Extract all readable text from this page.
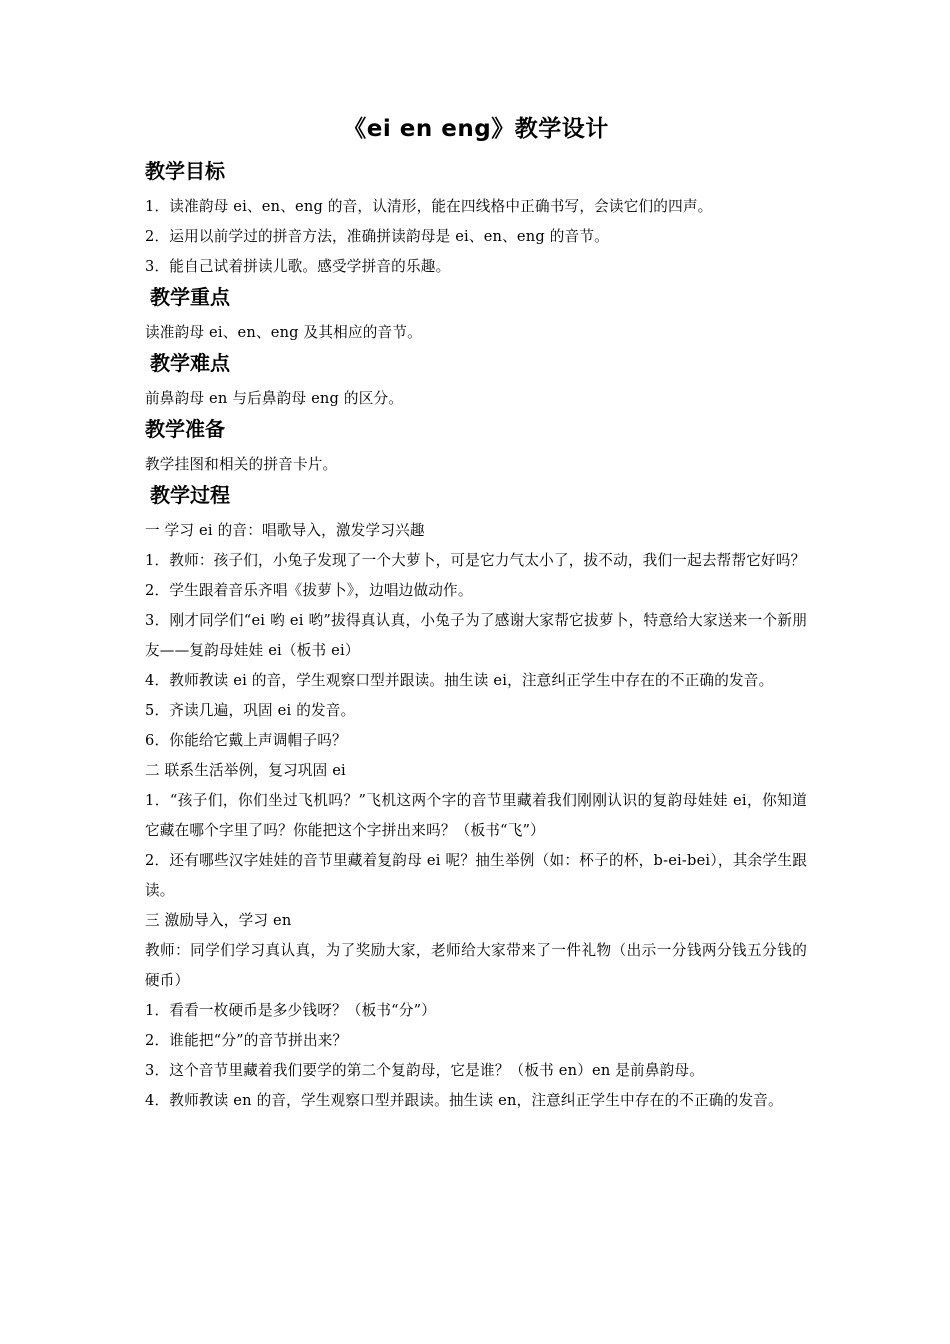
《ei en eng》教学设计
教学目标

1．读准韵母 ei、en、eng 的音，认清形，能在四线格中正确书写，会读它们的四声。

2．运用以前学过的拼音方法，准确拼读韵母是 ei、en、eng 的音节。

3．能自己试着拼读儿歌。感受学拼音的乐趣。

教学重点

读准韵母 ei、en、eng 及其相应的音节。

教学难点

前鼻韵母 en 与后鼻韵母 eng 的区分。

教学准备

教学挂图和相关的拼音卡片。

教学过程

一 学习 ei 的音：唱歌导入，激发学习兴趣

1．教师：孩子们，小兔子发现了一个大萝卜，可是它力气太小了，拔不动，我们一起去帮帮它好吗？

2．学生跟着音乐齐唱《拔萝卜》，边唱边做动作。

3．刚才同学们“ei 哟 ei 哟”拔得真认真，小兔子为了感谢大家帮它拔萝卜，特意给大家送来一个新朋友——复韵母娃娃 ei（板书 ei）

4．教师教读 ei 的音，学生观察口型并跟读。抽生读 ei，注意纠正学生中存在的不正确的发音。

5．齐读几遍，巩固 ei 的发音。

6．你能给它戴上声调帽子吗？

二 联系生活举例，复习巩固 ei

1．“孩子们，你们坐过飞机吗？”飞机这两个字的音节里藏着我们刚刚认识的复韵母娃娃 ei，你知道它藏在哪个字里了吗？你能把这个字拼出来吗？（板书“飞”）

2．还有哪些汉字娃娃的音节里藏着复韵母 ei 呢？抽生举例（如：杯子的杯，b-ei-bei），其余学生跟读。

三 激励导入，学习 en

教师：同学们学习真认真，为了奖励大家，老师给大家带来了一件礼物（出示一分钱两分钱五分钱的硬币）

1．看看一枚硬币是多少钱呀？（板书“分”）

2．谁能把“分”的音节拼出来？

3．这个音节里藏着我们要学的第二个复韵母，它是谁？（板书 en）en 是前鼻韵母。

4．教师教读 en 的音，学生观察口型并跟读。抽生读 en，注意纠正学生中存在的不正确的发音。
